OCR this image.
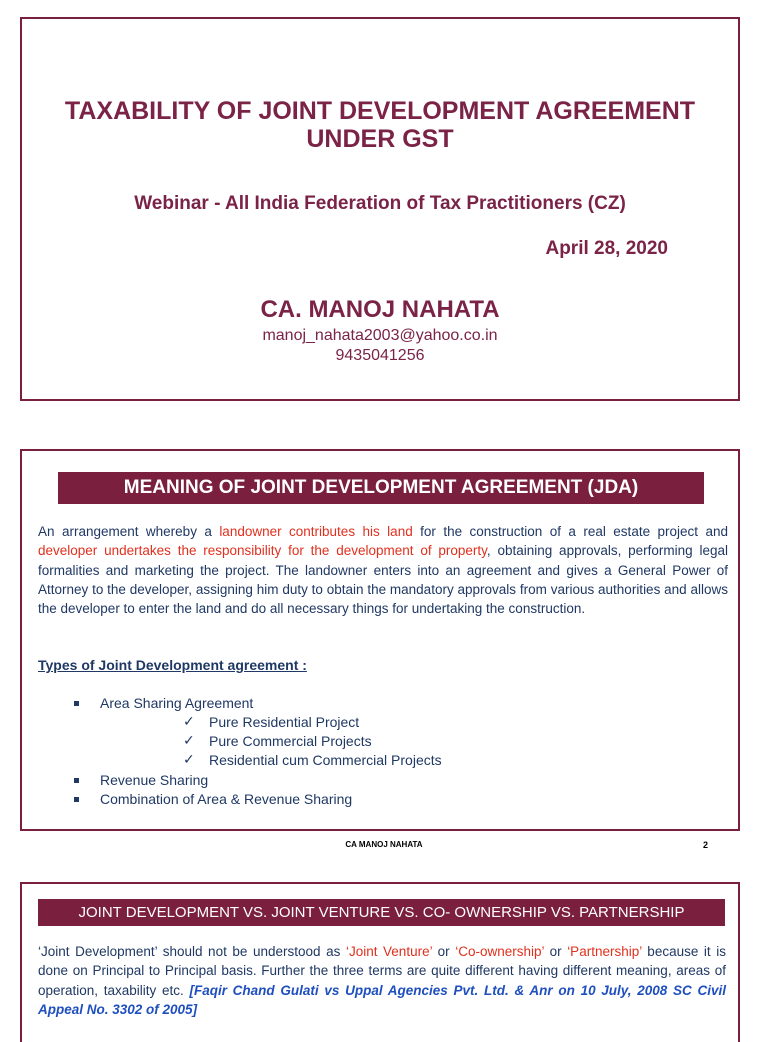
TAXABILITY OF JOINT DEVELOPMENT AGREEMENT
UNDER GST
Webinar - All India Federation of Tax Practitioners (CZ)
April 28, 2020
CA. MANOJ NAHATA
manoj_nahata2003@yahoo.co.in
9435041256
MEANING OF JOINT DEVELOPMENT AGREEMENT (JDA)
An arrangement whereby a landowner contributes his land for the construction of a real estate project and developer undertakes the responsibility for the development of property, obtaining approvals, performing legal formalities and marketing the project. The landowner enters into an agreement and gives a General Power of Attorney to the developer, assigning him duty to obtain the mandatory approvals from various authorities and allows the developer to enter the land and do all necessary things for undertaking the construction.
Types of Joint Development agreement :
Area Sharing Agreement
✓ Pure Residential Project
✓ Pure Commercial Projects
✓ Residential cum Commercial Projects
Revenue Sharing
Combination of Area & Revenue Sharing
CA MANOJ NAHATA	2
JOINT DEVELOPMENT VS. JOINT VENTURE VS. CO- OWNERSHIP VS. PARTNERSHIP
‘Joint Development’ should not be understood as ‘Joint Venture’ or ‘Co-ownership’ or ‘Partnership’ because it is done on Principal to Principal basis. Further the three terms are quite different having different meaning, areas of operation, taxability etc. [Faqir Chand Gulati vs Uppal Agencies Pvt. Ltd. & Anr on 10 July, 2008 SC Civil Appeal No. 3302 of 2005]
